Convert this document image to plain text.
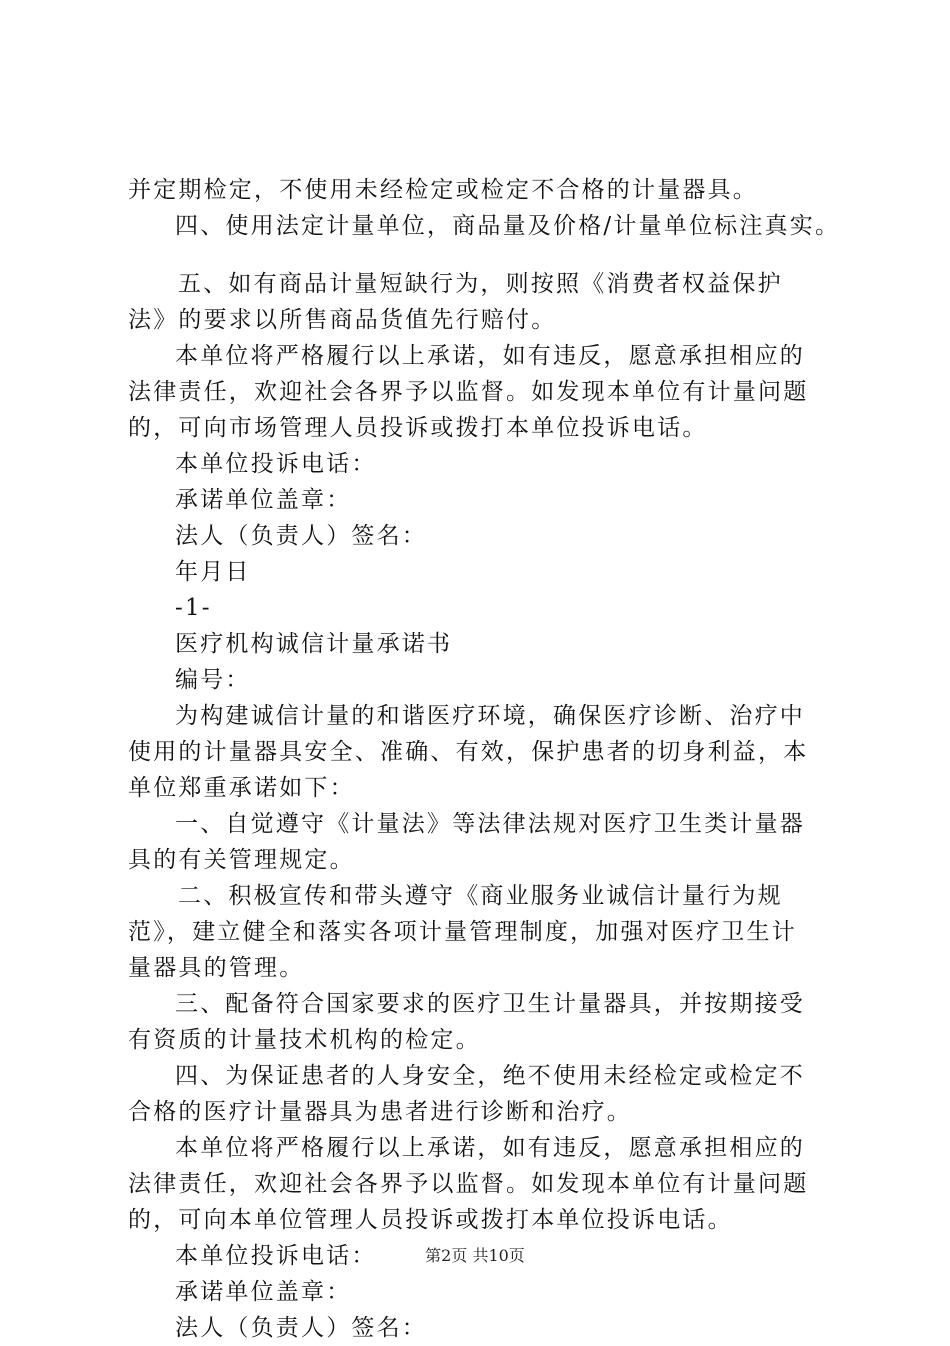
并定期检定，不使用未经检定或检定不合格的计量器具。
四、使用法定计量单位，商品量及价格/计量单位标注真实。
五、如有商品计量短缺行为，则按照《消费者权益保护
法》的要求以所售商品货值先行赔付。
本单位将严格履行以上承诺，如有违反，愿意承担相应的
法律责任，欢迎社会各界予以监督。如发现本单位有计量问题
的，可向市场管理人员投诉或拨打本单位投诉电话。
本单位投诉电话：
承诺单位盖章：
法人（负责人）签名：
年月日
-1-
医疗机构诚信计量承诺书
编号：
为构建诚信计量的和谐医疗环境，确保医疗诊断、治疗中
使用的计量器具安全、准确、有效，保护患者的切身利益，本
单位郑重承诺如下：
一、自觉遵守《计量法》等法律法规对医疗卫生类计量器
具的有关管理规定。
二、积极宣传和带头遵守《商业服务业诚信计量行为规
范》，建立健全和落实各项计量管理制度，加强对医疗卫生计
量器具的管理。
三、配备符合国家要求的医疗卫生计量器具，并按期接受
有资质的计量技术机构的检定。
四、为保证患者的人身安全，绝不使用未经检定或检定不
合格的医疗计量器具为患者进行诊断和治疗。
本单位将严格履行以上承诺，如有违反，愿意承担相应的
法律责任，欢迎社会各界予以监督。如发现本单位有计量问题
的，可向本单位管理人员投诉或拨打本单位投诉电话。
本单位投诉电话：
承诺单位盖章：
法人（负责人）签名：
第2页 共10页
